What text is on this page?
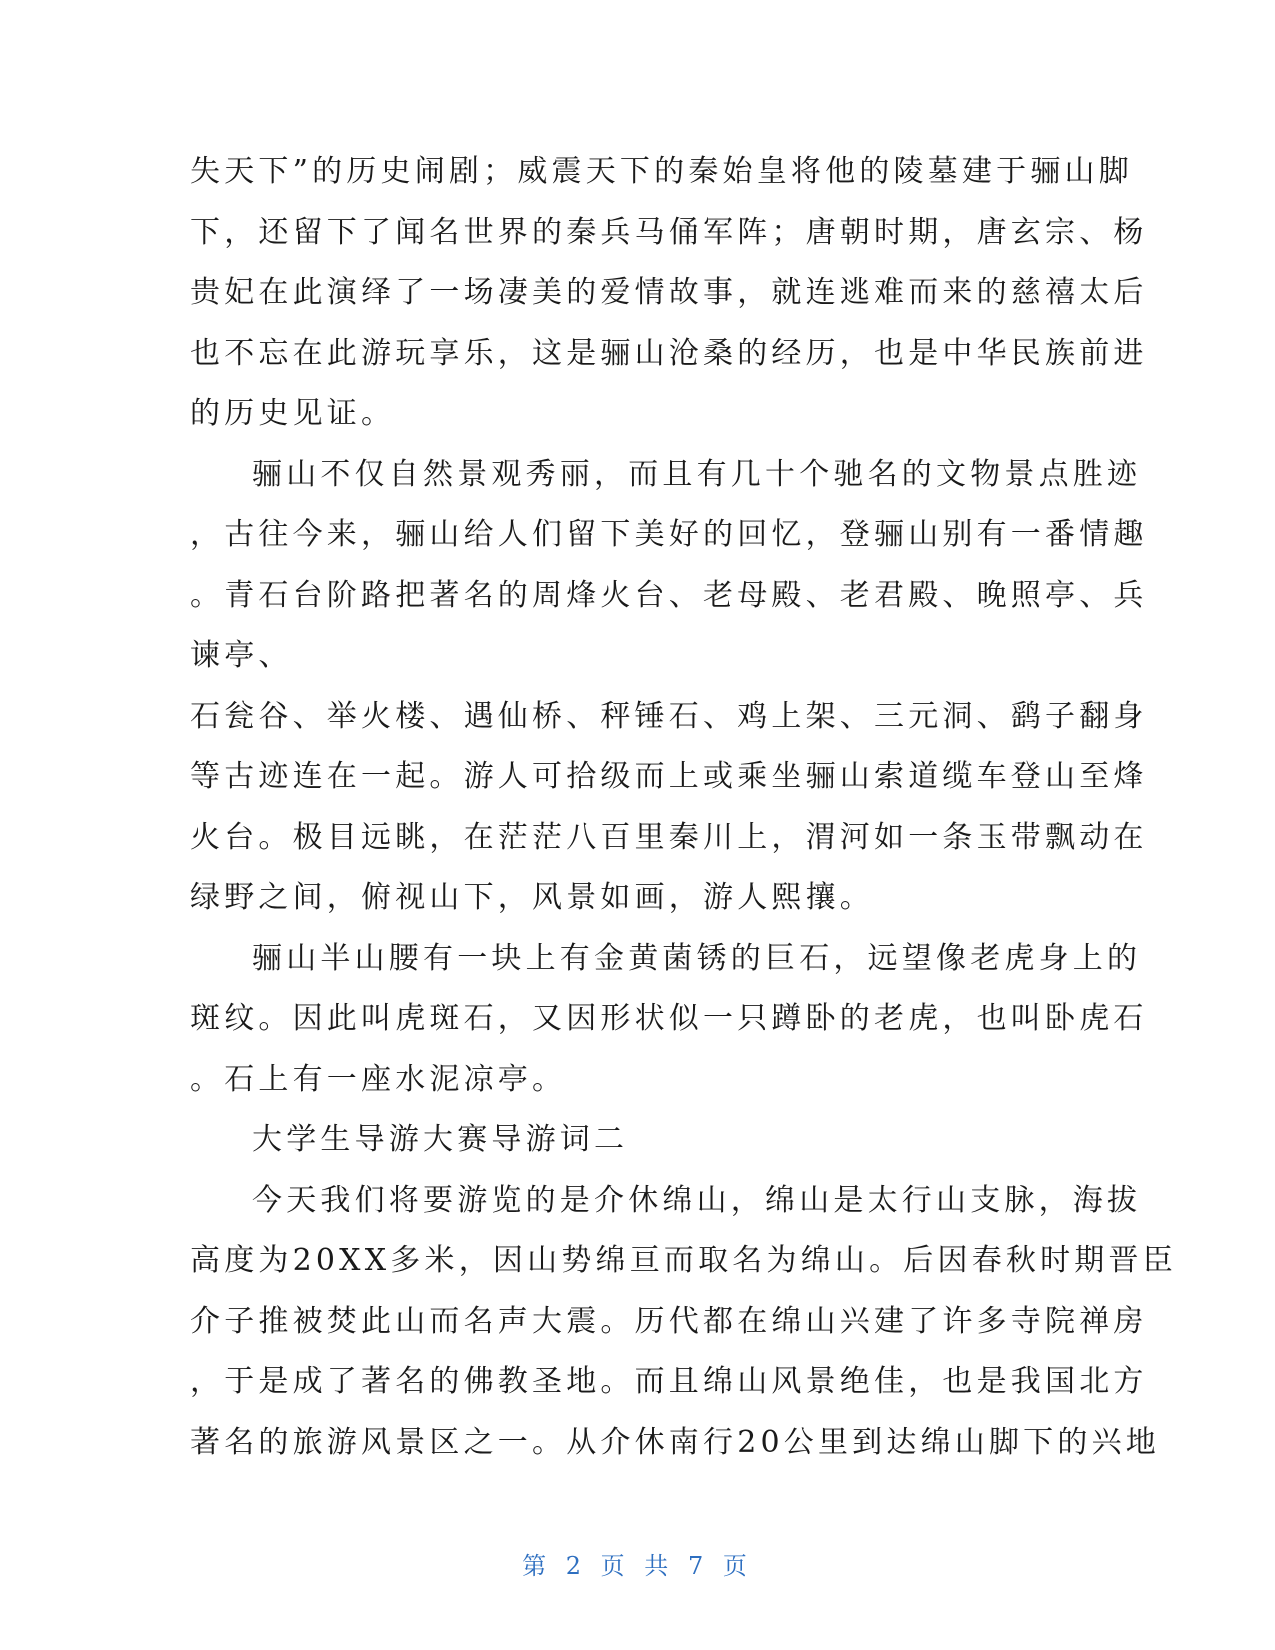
失天下”的历史闹剧；威震天下的秦始皇将他的陵墓建于骊山脚
下，还留下了闻名世界的秦兵马俑军阵；唐朝时期，唐玄宗、杨
贵妃在此演绎了一场凄美的爱情故事，就连逃难而来的慈禧太后
也不忘在此游玩享乐，这是骊山沧桑的经历，也是中华民族前进
的历史见证。
骊山不仅自然景观秀丽，而且有几十个驰名的文物景点胜迹
，古往今来，骊山给人们留下美好的回忆，登骊山别有一番情趣
。青石台阶路把著名的周烽火台、老母殿、老君殿、晚照亭、兵
谏亭、
石瓮谷、举火楼、遇仙桥、秤锤石、鸡上架、三元洞、鹞子翻身
等古迹连在一起。游人可拾级而上或乘坐骊山索道缆车登山至烽
火台。极目远眺，在茫茫八百里秦川上，渭河如一条玉带飘动在
绿野之间，俯视山下，风景如画，游人熙攘。
骊山半山腰有一块上有金黄菌锈的巨石，远望像老虎身上的
斑纹。因此叫虎斑石，又因形状似一只蹲卧的老虎，也叫卧虎石
。石上有一座水泥凉亭。
大学生导游大赛导游词二
今天我们将要游览的是介休绵山，绵山是太行山支脉，海拔
高度为20XX多米，因山势绵亘而取名为绵山。后因春秋时期晋臣
介子推被焚此山而名声大震。历代都在绵山兴建了许多寺院禅房
，于是成了著名的佛教圣地。而且绵山风景绝佳，也是我国北方
著名的旅游风景区之一。从介休南行20公里到达绵山脚下的兴地
第 2 页 共 7 页
